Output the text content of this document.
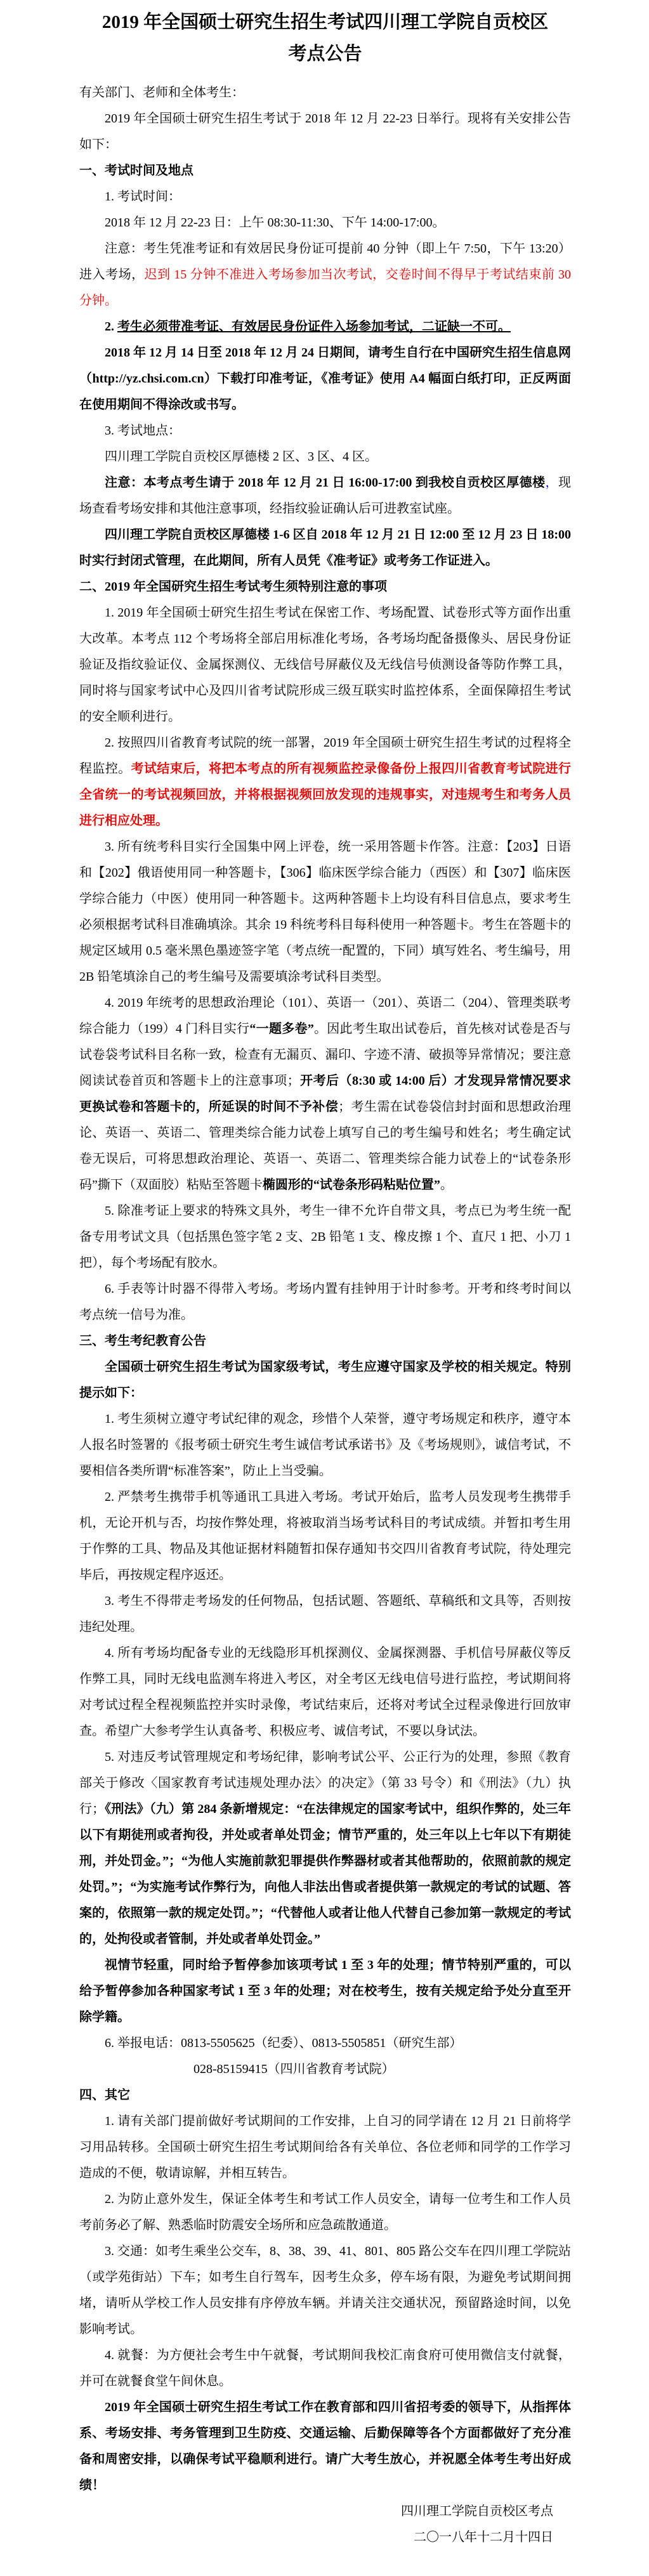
2019 年全国硕士研究生招生考试四川理工学院自贡校区

考点公告

有关部门、老师和全体考生：

2019 年全国硕士研究生招生考试于 2018 年 12 月 22-23 日举行。现将有关安排公告如下：

一、考试时间及地点

1. 考试时间：

2018 年 12 月 22-23 日：上午 08:30-11:30、下午 14:00-17:00。

注意：考生凭准考证和有效居民身份证可提前 40 分钟（即上午 7:50，下午 13:20）进入考场，迟到 15 分钟不准进入考场参加当次考试，交卷时间不得早于考试结束前 30 分钟。

2. 考生必须带准考证、有效居民身份证件入场参加考试，二证缺一不可。

2018 年 12 月 14 日至 2018 年 12 月 24 日期间，请考生自行在中国研究生招生信息网（http://yz.chsi.com.cn）下载打印准考证，《准考证》使用 A4 幅面白纸打印，正反两面在使用期间不得涂改或书写。

3. 考试地点：

四川理工学院自贡校区厚德楼 2 区、3 区、4 区。

注意：本考点考生请于 2018 年 12 月 21 日 16:00-17:00 到我校自贡校区厚德楼，现场查看考场安排和其他注意事项，经指纹验证确认后可进教室试座。

四川理工学院自贡校区厚德楼 1-6 区自 2018 年 12 月 21 日 12:00 至 12 月 23 日 18:00 时实行封闭式管理，在此期间，所有人员凭《准考证》或考务工作证进入。

二、2019 年全国研究生招生考试考生须特别注意的事项

1. 2019 年全国硕士研究生招生考试在保密工作、考场配置、试卷形式等方面作出重大改革。本考点 112 个考场将全部启用标准化考场，各考场均配备摄像头、居民身份证验证及指纹验证仪、金属探测仪、无线信号屏蔽仪及无线信号侦测设备等防作弊工具，同时将与国家考试中心及四川省考试院形成三级互联实时监控体系，全面保障招生考试的安全顺利进行。

2. 按照四川省教育考试院的统一部署，2019 年全国硕士研究生招生考试的过程将全程监控。考试结束后，将把本考点的所有视频监控录像备份上报四川省教育考试院进行全省统一的考试视频回放，并将根据视频回放发现的违规事实，对违规考生和考务人员进行相应处理。

3. 所有统考科目实行全国集中网上评卷，统一采用答题卡作答。注意：【203】日语和【202】俄语使用同一种答题卡，【306】临床医学综合能力（西医）和【307】临床医学综合能力（中医）使用同一种答题卡。这两种答题卡上均设有科目信息点，要求考生必须根据考试科目准确填涂。其余 19 科统考科目每科使用一种答题卡。考生在答题卡的规定区域用 0.5 毫米黑色墨迹签字笔（考点统一配置的，下同）填写姓名、考生编号，用 2B 铅笔填涂自己的考生编号及需要填涂考试科目类型。

4. 2019 年统考的思想政治理论（101）、英语一（201）、英语二（204）、管理类联考综合能力（199）4 门科目实行“一题多卷”。因此考生取出试卷后，首先核对试卷是否与试卷袋考试科目名称一致，检查有无漏页、漏印、字迹不清、破损等异常情况；要注意阅读试卷首页和答题卡上的注意事项；开考后（8:30 或 14:00 后）才发现异常情况要求更换试卷和答题卡的，所延误的时间不予补偿；考生需在试卷袋信封封面和思想政治理论、英语一、英语二、管理类综合能力试卷上填写自己的考生编号和姓名；考生确定试卷无误后，可将思想政治理论、英语一、英语二、管理类综合能力试卷上的“试卷条形码”撕下（双面胶）粘贴至答题卡椭圆形的“试卷条形码粘贴位置”。

5. 除准考证上要求的特殊文具外，考生一律不允许自带文具，考点已为考生统一配备专用考试文具（包括黑色签字笔 2 支、2B 铅笔 1 支、橡皮擦 1 个、直尺 1 把、小刀 1 把），每个考场配有胶水。

6. 手表等计时器不得带入考场。考场内置有挂钟用于计时参考。开考和终考时间以考点统一信号为准。

三、考生考纪教育公告

全国硕士研究生招生考试为国家级考试，考生应遵守国家及学校的相关规定。特别提示如下：

1. 考生须树立遵守考试纪律的观念，珍惜个人荣誉，遵守考场规定和秩序，遵守本人报名时签署的《报考硕士研究生考生诚信考试承诺书》及《考场规则》，诚信考试，不要相信各类所谓“标准答案”，防止上当受骗。

2. 严禁考生携带手机等通讯工具进入考场。考试开始后，监考人员发现考生携带手机，无论开机与否，均按作弊处理，将被取消当场考试科目的考试成绩。并暂扣考生用于作弊的工具、物品及其他证据材料随暂扣保存通知书交四川省教育考试院，待处理完毕后，再按规定程序返还。

3. 考生不得带走考场发的任何物品，包括试题、答题纸、草稿纸和文具等，否则按违纪处理。

4. 所有考场均配备专业的无线隐形耳机探测仪、金属探测器、手机信号屏蔽仪等反作弊工具，同时无线电监测车将进入考区，对全考区无线电信号进行监控，考试期间将对考试过程全程视频监控并实时录像，考试结束后，还将对考试全过程录像进行回放审查。希望广大参考学生认真备考、积极应考、诚信考试，不要以身试法。

5. 对违反考试管理规定和考场纪律，影响考试公平、公正行为的处理，参照《教育部关于修改〈国家教育考试违规处理办法〉的决定》（第 33 号令）和《刑法》（九）执行；《刑法》（九）第 284 条新增规定：“在法律规定的国家考试中，组织作弊的，处三年以下有期徒刑或者拘役，并处或者单处罚金；情节严重的，处三年以上七年以下有期徒刑，并处罚金。”；“为他人实施前款犯罪提供作弊器材或者其他帮助的，依照前款的规定处罚。”；“为实施考试作弊行为，向他人非法出售或者提供第一款规定的考试的试题、答案的，依照第一款的规定处罚。”；“代替他人或者让他人代替自己参加第一款规定的考试的，处拘役或者管制，并处或者单处罚金。”

视情节轻重，同时给予暂停参加该项考试 1 至 3 年的处理；情节特别严重的，可以给予暂停参加各种国家考试 1 至 3 年的处理；对在校考生，按有关规定给予处分直至开除学籍。

6. 举报电话：0813-5505625（纪委）、0813-5505851（研究生部）

028-85159415（四川省教育考试院）

四、其它

1. 请有关部门提前做好考试期间的工作安排，上自习的同学请在 12 月 21 日前将学习用品转移。全国硕士研究生招生考试期间给各有关单位、各位老师和同学的工作学习造成的不便，敬请谅解，并相互转告。

2. 为防止意外发生，保证全体考生和考试工作人员安全，请每一位考生和工作人员考前务必了解、熟悉临时防震安全场所和应急疏散通道。

3. 交通：如考生乘坐公交车，8、38、39、41、801、805 路公交车在四川理工学院站（或学苑街站）下车；如考生自行驾车，因考生众多，停车场有限，为避免考试期间拥堵，请听从学校工作人员安排有序停放车辆。并请关注交通状况，预留路途时间，以免影响考试。

4. 就餐：为方便社会考生中午就餐，考试期间我校汇南食府可使用微信支付就餐，并可在就餐食堂午间休息。

2019 年全国硕士研究生招生考试工作在教育部和四川省招考委的领导下，从指挥体系、考场安排、考务管理到卫生防疫、交通运输、后勤保障等各个方面都做好了充分准备和周密安排，以确保考试平稳顺利进行。请广大考生放心，并祝愿全体考生考出好成绩！

四川理工学院自贡校区考点

二〇一八年十二月十四日
